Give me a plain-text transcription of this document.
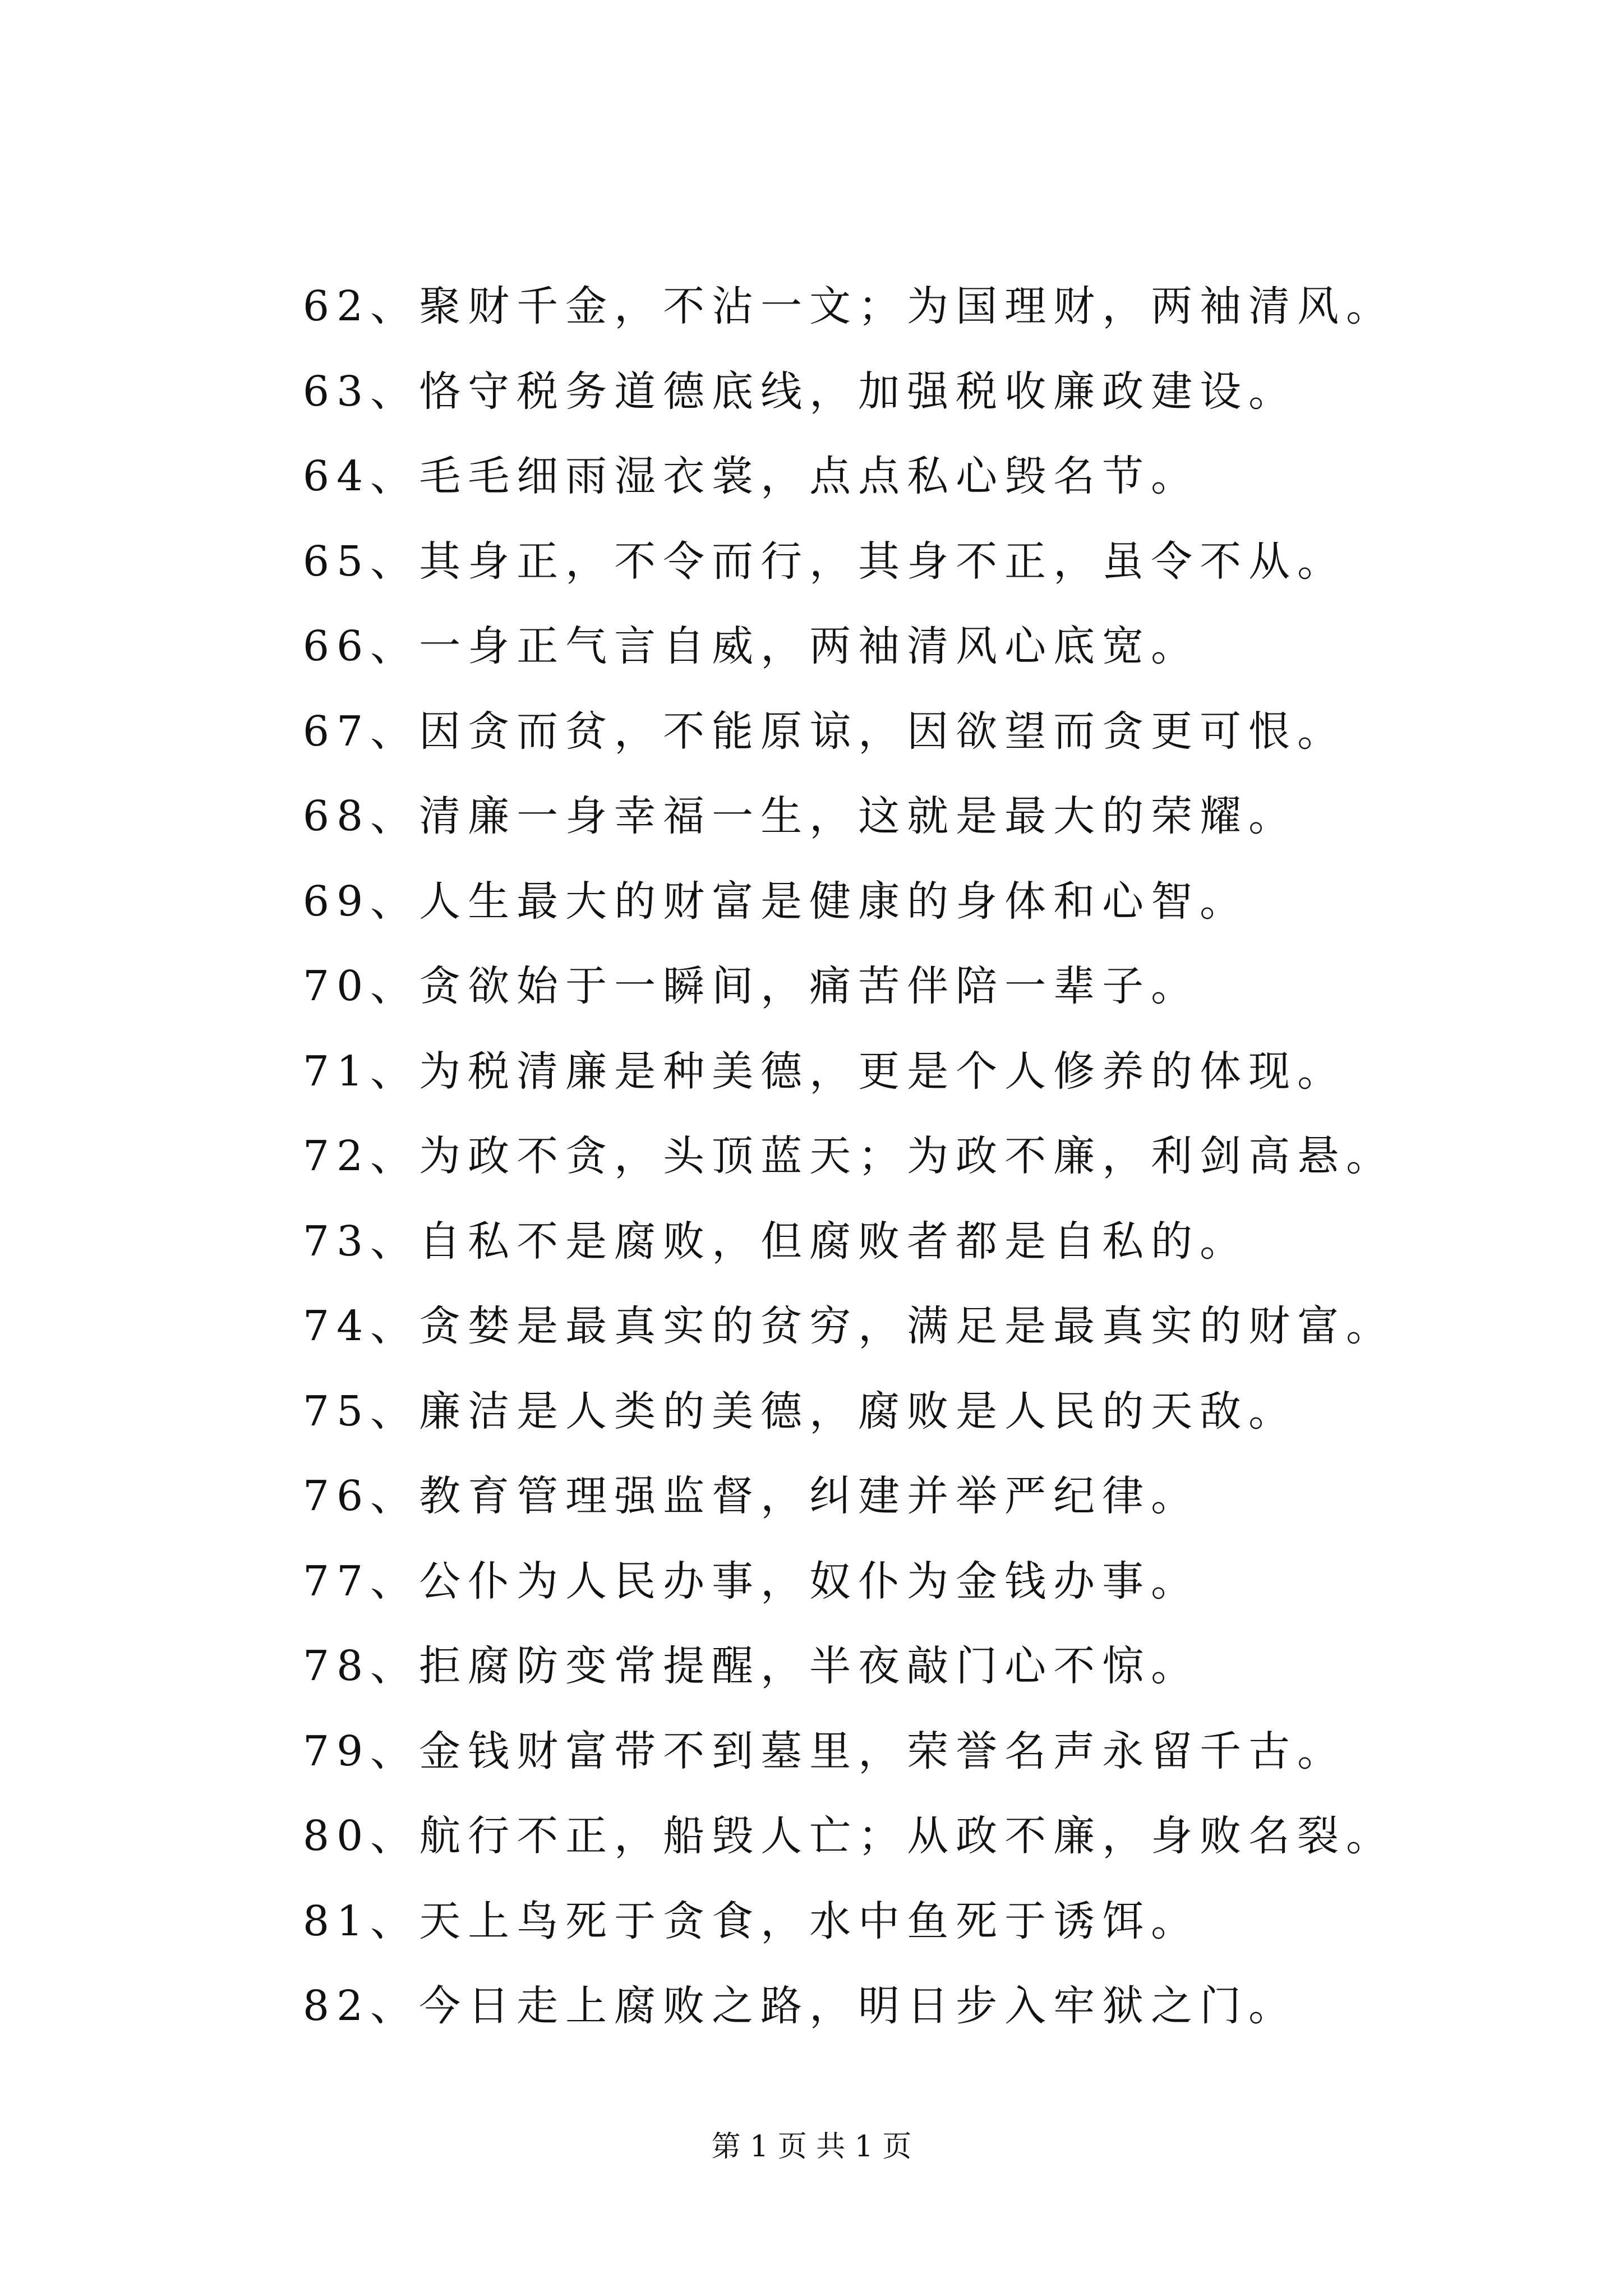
62、聚财千金，不沾一文；为国理财，两袖清风。
63、恪守税务道德底线，加强税收廉政建设。
64、毛毛细雨湿衣裳，点点私心毁名节。
65、其身正，不令而行，其身不正，虽令不从。
66、一身正气言自威，两袖清风心底宽。
67、因贪而贫，不能原谅，因欲望而贪更可恨。
68、清廉一身幸福一生，这就是最大的荣耀。
69、人生最大的财富是健康的身体和心智。
70、贪欲始于一瞬间，痛苦伴陪一辈子。
71、为税清廉是种美德，更是个人修养的体现。
72、为政不贪，头顶蓝天；为政不廉，利剑高悬。
73、自私不是腐败，但腐败者都是自私的。
74、贪婪是最真实的贫穷，满足是最真实的财富。
75、廉洁是人类的美德，腐败是人民的天敌。
76、教育管理强监督，纠建并举严纪律。
77、公仆为人民办事，奴仆为金钱办事。
78、拒腐防变常提醒，半夜敲门心不惊。
79、金钱财富带不到墓里，荣誉名声永留千古。
80、航行不正，船毁人亡；从政不廉，身败名裂。
81、天上鸟死于贪食，水中鱼死于诱饵。
82、今日走上腐败之路，明日步入牢狱之门。
第 1 页 共 1 页
